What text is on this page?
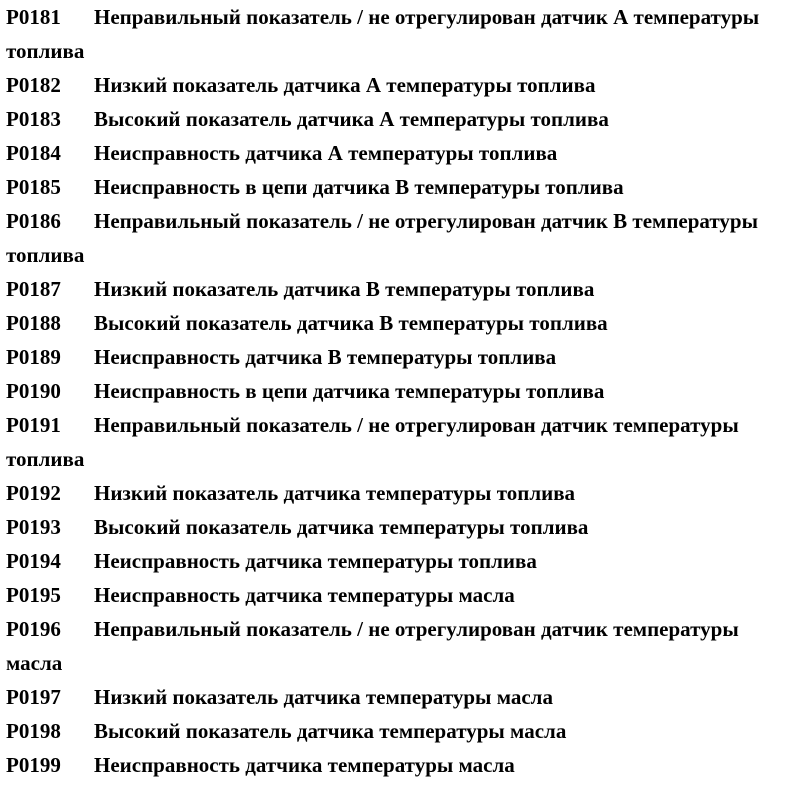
P0181 Неправильный показатель / не отрегулирован датчик А температуры топлива

P0182 Низкий показатель датчика А температуры топлива

P0183 Высокий показатель датчика А температуры топлива

P0184 Неисправность датчика А температуры топлива

P0185 Неисправность в цепи датчика В температуры топлива

P0186 Неправильный показатель / не отрегулирован датчик В температуры топлива

P0187 Низкий показатель датчика В температуры топлива

P0188 Высокий показатель датчика В температуры топлива

P0189 Неисправность датчика В температуры топлива

P0190 Неисправность в цепи датчика температуры топлива

P0191 Неправильный показатель / не отрегулирован датчик температуры топлива

P0192 Низкий показатель датчика температуры топлива

P0193 Высокий показатель датчика температуры топлива

P0194 Неисправность датчика температуры топлива

P0195 Неисправность датчика температуры масла

P0196 Неправильный показатель / не отрегулирован датчик температуры масла

P0197 Низкий показатель датчика температуры масла

P0198 Высокий показатель датчика температуры масла

P0199 Неисправность датчика температуры масла
